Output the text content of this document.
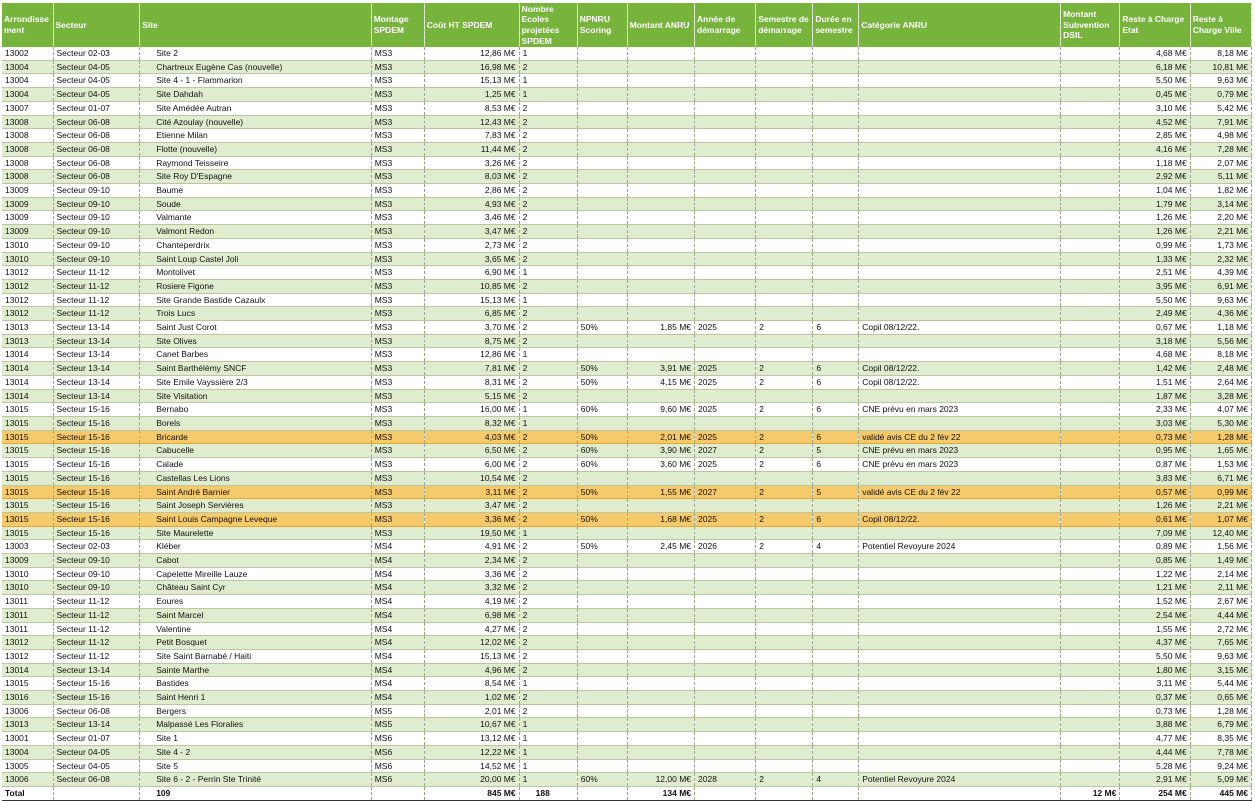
Arrondisse ment	Secteur	Site	Montage SPDEM	Coût HT SPDEM	Nombre Ecoles projetées SPDEM	NPNRU Scoring	Montant ANRU	Année de démarrage	Semestre de démarrage	Durée en semestre	Catégorie ANRU	Montant Subvention DSIL	Reste à Charge Etat	Reste à Charge Ville
13002	Secteur 02-03	Site 2	MS3	12,86 M€	1								4,68 M€	8,18 M€
13004	Secteur 04-05	Chartreux Eugène Cas (nouvelle)	MS3	16,98 M€	2								6,18 M€	10,81 M€
13004	Secteur 04-05	Site 4 - 1 - Flammarion	MS3	15,13 M€	1								5,50 M€	9,63 M€
13004	Secteur 04-05	Site Dahdah	MS3	1,25 M€	1								0,45 M€	0,79 M€
13007	Secteur 01-07	Site Amédée Autran	MS3	8,53 M€	2								3,10 M€	5,42 M€
13008	Secteur 06-08	Cité Azoulay (nouvelle)	MS3	12,43 M€	2								4,52 M€	7,91 M€
13008	Secteur 06-08	Etienne Milan	MS3	7,83 M€	2								2,85 M€	4,98 M€
13008	Secteur 06-08	Flotte (nouvelle)	MS3	11,44 M€	2								4,16 M€	7,28 M€
13008	Secteur 06-08	Raymond Teisseire	MS3	3,26 M€	2								1,18 M€	2,07 M€
13008	Secteur 06-08	Site Roy D'Espagne	MS3	8,03 M€	2								2,92 M€	5,11 M€
13009	Secteur 09-10	Baume	MS3	2,86 M€	2								1,04 M€	1,82 M€
13009	Secteur 09-10	Soude	MS3	4,93 M€	2								1,79 M€	3,14 M€
13009	Secteur 09-10	Valmante	MS3	3,46 M€	2								1,26 M€	2,20 M€
13009	Secteur 09-10	Valmont Redon	MS3	3,47 M€	2								1,26 M€	2,21 M€
13010	Secteur 09-10	Chanteperdrix	MS3	2,73 M€	2								0,99 M€	1,73 M€
13010	Secteur 09-10	Saint Loup Castel Joli	MS3	3,65 M€	2								1,33 M€	2,32 M€
13012	Secteur 11-12	Montolivet	MS3	6,90 M€	1								2,51 M€	4,39 M€
13012	Secteur 11-12	Rosiere Figone	MS3	10,85 M€	2								3,95 M€	6,91 M€
13012	Secteur 11-12	Site Grande Bastide Cazaulx	MS3	15,13 M€	1								5,50 M€	9,63 M€
13012	Secteur 11-12	Trois Lucs	MS3	6,85 M€	2								2,49 M€	4,36 M€
13013	Secteur 13-14	Saint Just Corot	MS3	3,70 M€	2	50%	1,85 M€	2025	2	6	Copil 08/12/22.		0,67 M€	1,18 M€
13013	Secteur 13-14	Site Olives	MS3	8,75 M€	2								3,18 M€	5,56 M€
13014	Secteur 13-14	Canet Barbes	MS3	12,86 M€	1								4,68 M€	8,18 M€
13014	Secteur 13-14	Saint Barthélémy SNCF	MS3	7,81 M€	2	50%	3,91 M€	2025	2	6	Copil 08/12/22.		1,42 M€	2,48 M€
13014	Secteur 13-14	Site Emile Vayssière 2/3	MS3	8,31 M€	2	50%	4,15 M€	2025	2	6	Copil 08/12/22.		1,51 M€	2,64 M€
13014	Secteur 13-14	Site Visitation	MS3	5,15 M€	2								1,87 M€	3,28 M€
13015	Secteur 15-16	Bernabo	MS3	16,00 M€	1	60%	9,60 M€	2025	2	6	CNE prévu en mars 2023		2,33 M€	4,07 M€
13015	Secteur 15-16	Borels	MS3	8,32 M€	1								3,03 M€	5,30 M€
13015	Secteur 15-16	Bricarde	MS3	4,03 M€	2	50%	2,01 M€	2025	2	6	validé avis CE du 2 fév 22		0,73 M€	1,28 M€
13015	Secteur 15-16	Cabucelle	MS3	6,50 M€	2	60%	3,90 M€	2027	2	5	CNE prévu en mars 2023		0,95 M€	1,65 M€
13015	Secteur 15-16	Calade	MS3	6,00 M€	2	60%	3,60 M€	2025	2	6	CNE prévu en mars 2023		0,87 M€	1,53 M€
13015	Secteur 15-16	Castellas Les Lions	MS3	10,54 M€	2								3,83 M€	6,71 M€
13015	Secteur 15-16	Saint André Barnier	MS3	3,11 M€	2	50%	1,55 M€	2027	2	5	validé avis CE du 2 fév 22		0,57 M€	0,99 M€
13015	Secteur 15-16	Saint Joseph Servières	MS3	3,47 M€	2								1,26 M€	2,21 M€
13015	Secteur 15-16	Saint Louis Campagne Leveque	MS3	3,36 M€	2	50%	1,68 M€	2025	2	6	Copil 08/12/22.		0,61 M€	1,07 M€
13015	Secteur 15-16	Site Maurelette	MS3	19,50 M€	1								7,09 M€	12,40 M€
13003	Secteur 02-03	Kléber	MS4	4,91 M€	2	50%	2,45 M€	2026	2	4	Potentiel Revoyure 2024		0,89 M€	1,56 M€
13009	Secteur 09-10	Cabot	MS4	2,34 M€	2								0,85 M€	1,49 M€
13010	Secteur 09-10	Capelette Mireille Lauze	MS4	3,36 M€	2								1,22 M€	2,14 M€
13010	Secteur 09-10	Château Saint Cyr	MS4	3,32 M€	2								1,21 M€	2,11 M€
13011	Secteur 11-12	Eoures	MS4	4,19 M€	2								1,52 M€	2,67 M€
13011	Secteur 11-12	Saint Marcel	MS4	6,98 M€	2								2,54 M€	4,44 M€
13011	Secteur 11-12	Valentine	MS4	4,27 M€	2								1,55 M€	2,72 M€
13012	Secteur 11-12	Petit Bosquet	MS4	12,02 M€	2								4,37 M€	7,65 M€
13012	Secteur 11-12	Site Saint Barnabé / Haiti	MS4	15,13 M€	2								5,50 M€	9,63 M€
13014	Secteur 13-14	Sainte Marthe	MS4	4,96 M€	2								1,80 M€	3,15 M€
13015	Secteur 15-16	Bastides	MS4	8,54 M€	1								3,11 M€	5,44 M€
13016	Secteur 15-16	Saint Henri 1	MS4	1,02 M€	2								0,37 M€	0,65 M€
13006	Secteur 06-08	Bergers	MS5	2,01 M€	2								0,73 M€	1,28 M€
13013	Secteur 13-14	Malpassé Les Floralies	MS5	10,67 M€	1								3,88 M€	6,79 M€
13001	Secteur 01-07	Site 1	MS6	13,12 M€	1								4,77 M€	8,35 M€
13004	Secteur 04-05	Site 4 - 2	MS6	12,22 M€	1								4,44 M€	7,78 M€
13005	Secteur 04-05	Site 5	MS6	14,52 M€	1								5,28 M€	9,24 M€
13006	Secteur 06-08	Site 6 - 2 - Perrin Ste Trinité	MS6	20,00 M€	1	60%	12,00 M€	2028	2	4	Potentiel Revoyure 2024		2,91 M€	5,09 M€
Total		109		845 M€	188		134 M€					12 M€	254 M€	445 M€
